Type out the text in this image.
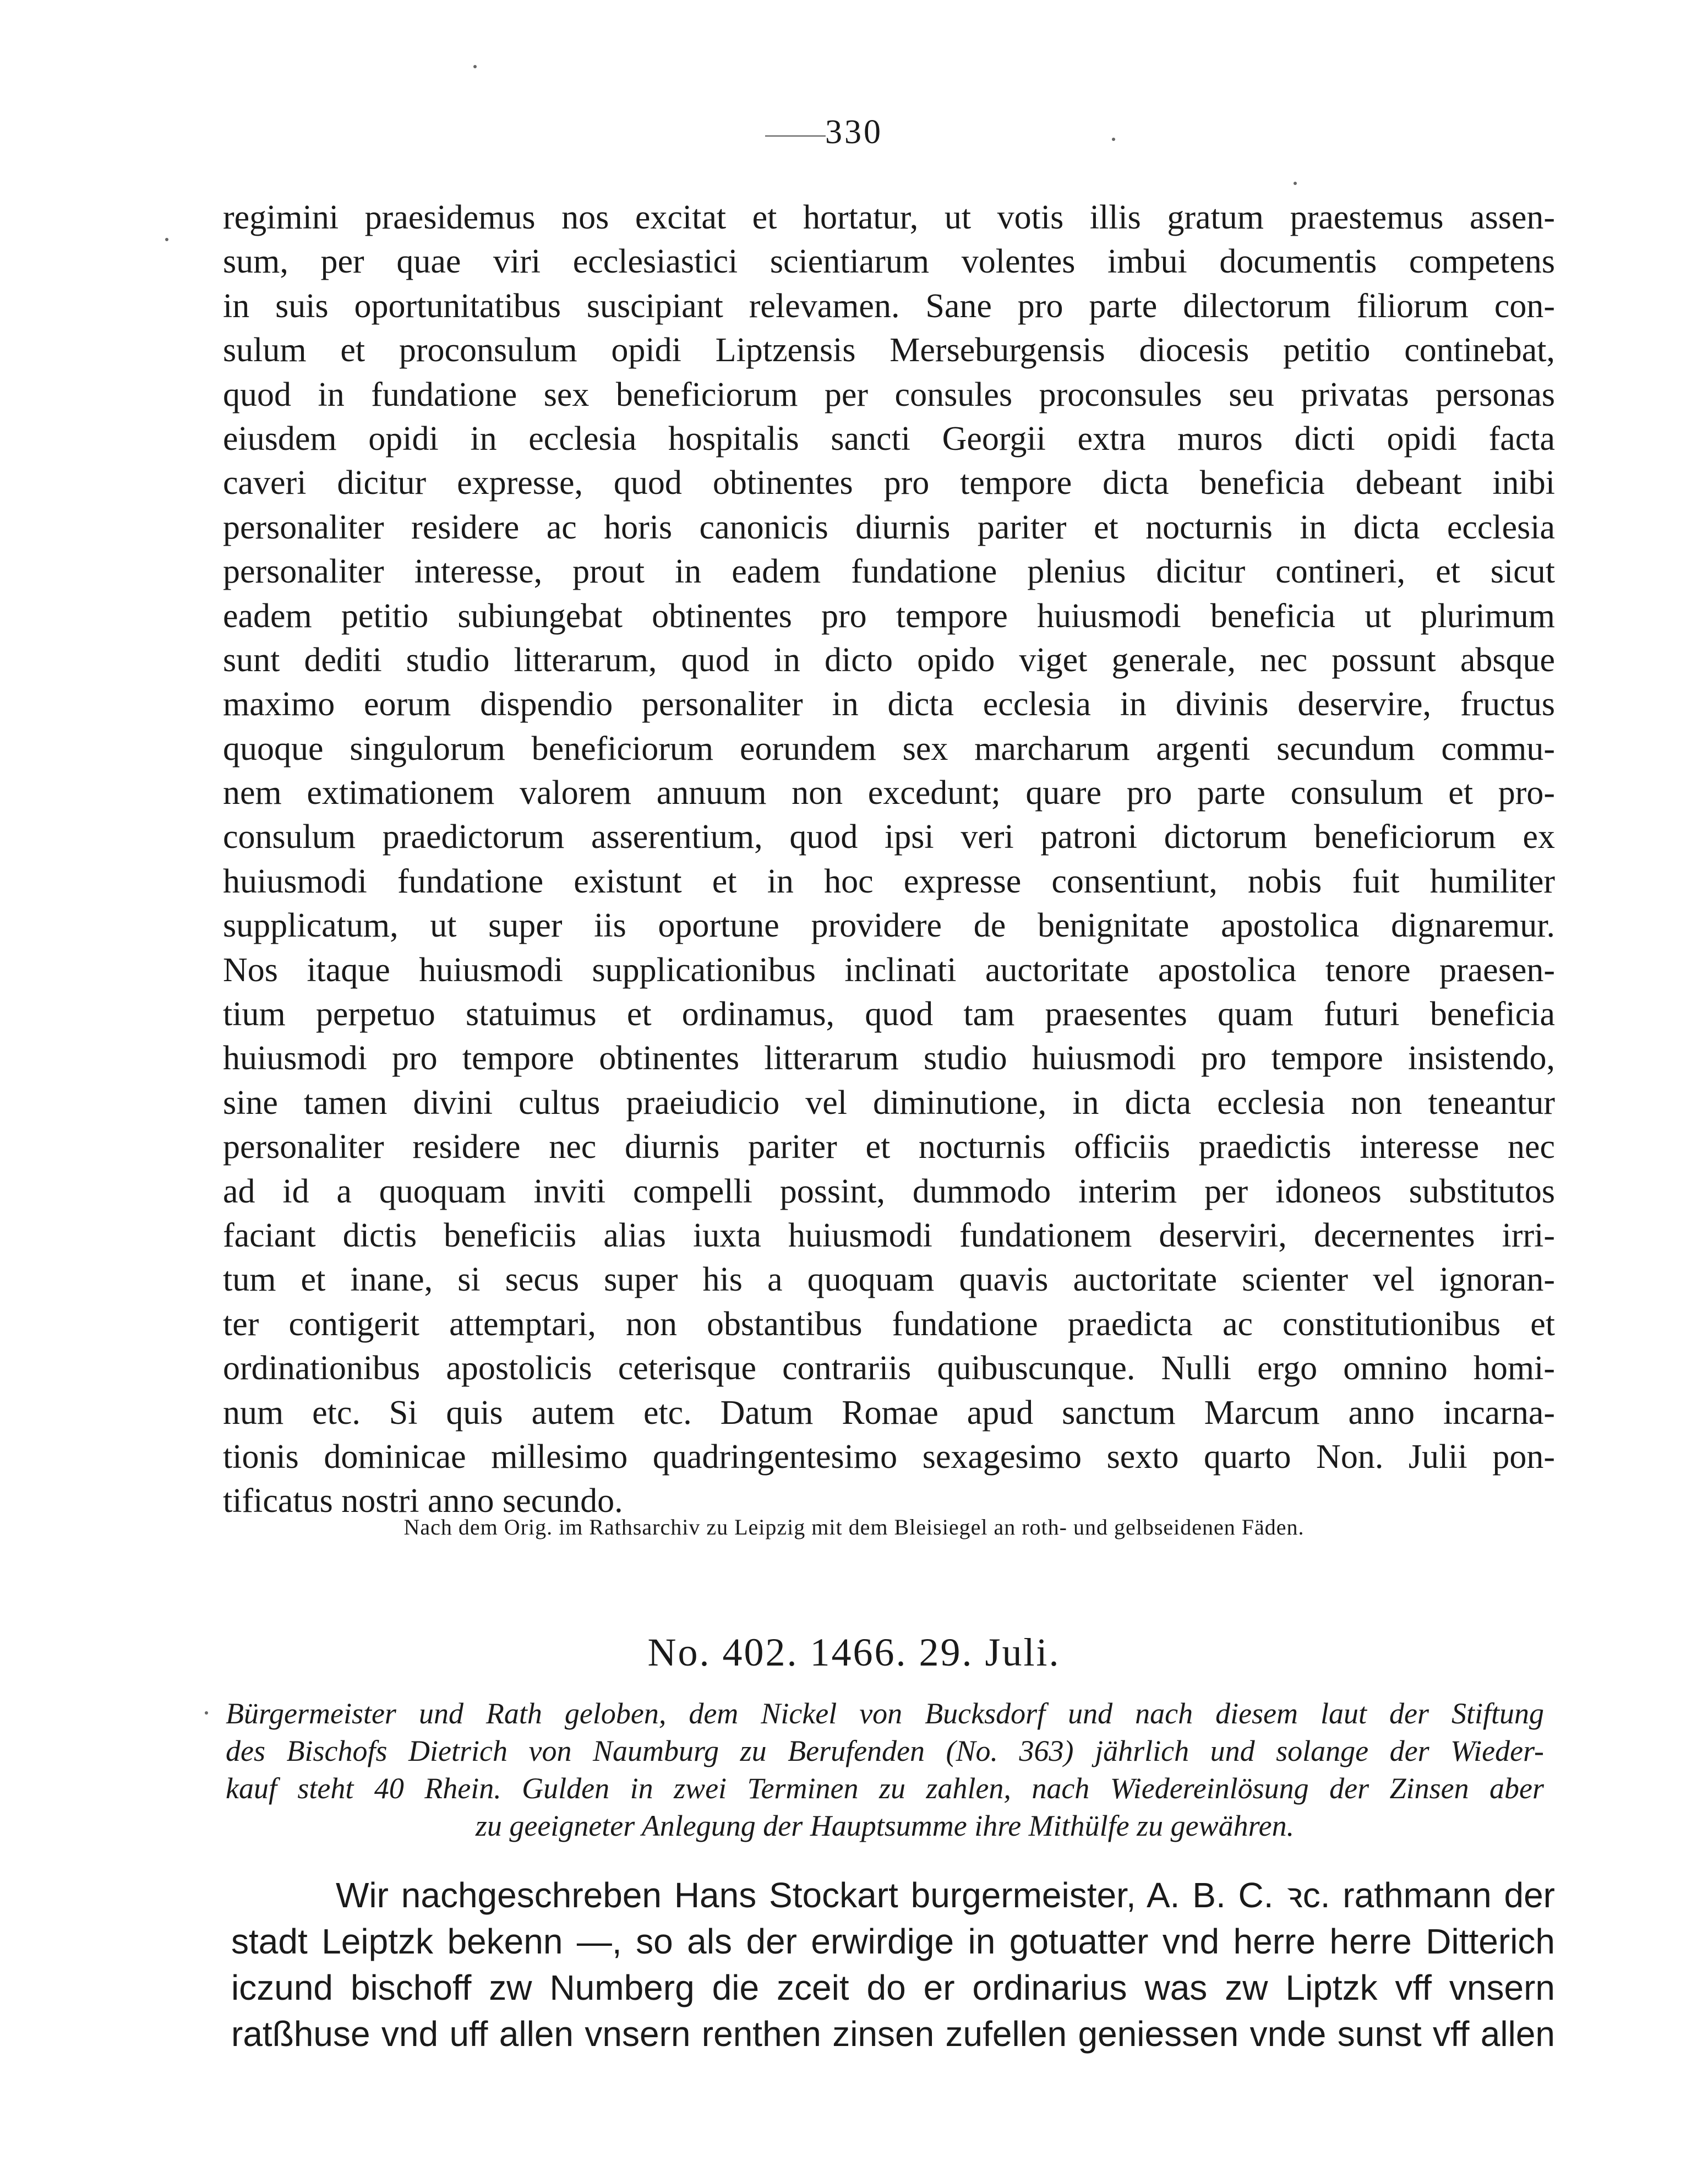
330
regimini praesidemus nos excitat et hortatur, ut votis illis gratum praestemus assen-
sum, per quae viri ecclesiastici scientiarum volentes imbui documentis competens
in suis oportunitatibus suscipiant relevamen. Sane pro parte dilectorum filiorum con-
sulum et proconsulum opidi Liptzensis Merseburgensis diocesis petitio continebat,
quod in fundatione sex beneficiorum per consules proconsules seu privatas personas
eiusdem opidi in ecclesia hospitalis sancti Georgii extra muros dicti opidi facta
caveri dicitur expresse, quod obtinentes pro tempore dicta beneficia debeant inibi
personaliter residere ac horis canonicis diurnis pariter et nocturnis in dicta ecclesia
personaliter interesse, prout in eadem fundatione plenius dicitur contineri, et sicut
eadem petitio subiungebat obtinentes pro tempore huiusmodi beneficia ut plurimum
sunt dediti studio litterarum, quod in dicto opido viget generale, nec possunt absque
maximo eorum dispendio personaliter in dicta ecclesia in divinis deservire, fructus
quoque singulorum beneficiorum eorundem sex marcharum argenti secundum commu-
nem extimationem valorem annuum non excedunt; quare pro parte consulum et pro-
consulum praedictorum asserentium, quod ipsi veri patroni dictorum beneficiorum ex
huiusmodi fundatione existunt et in hoc expresse consentiunt, nobis fuit humiliter
supplicatum, ut super iis oportune providere de benignitate apostolica dignaremur.
Nos itaque huiusmodi supplicationibus inclinati auctoritate apostolica tenore praesen-
tium perpetuo statuimus et ordinamus, quod tam praesentes quam futuri beneficia
huiusmodi pro tempore obtinentes litterarum studio huiusmodi pro tempore insistendo,
sine tamen divini cultus praeiudicio vel diminutione, in dicta ecclesia non teneantur
personaliter residere nec diurnis pariter et nocturnis officiis praedictis interesse nec
ad id a quoquam inviti compelli possint, dummodo interim per idoneos substitutos
faciant dictis beneficiis alias iuxta huiusmodi fundationem deserviri, decernentes irri-
tum et inane, si secus super his a quoquam quavis auctoritate scienter vel ignoran-
ter contigerit attemptari, non obstantibus fundatione praedicta ac constitutionibus et
ordinationibus apostolicis ceterisque contrariis quibuscunque. Nulli ergo omnino homi-
num etc. Si quis autem etc. Datum Romae apud sanctum Marcum anno incarna-
tionis dominicae millesimo quadringentesimo sexagesimo sexto quarto Non. Julii pon-
tificatus nostri anno secundo.
Nach dem Orig. im Rathsarchiv zu Leipzig mit dem Bleisiegel an roth- und gelbseidenen Fäden.
No. 402. 1466. 29. Juli.
Bürgermeister und Rath geloben, dem Nickel von Bucksdorf und nach diesem laut der Stiftung
des Bischofs Dietrich von Naumburg zu Berufenden (No. 363) jährlich und solange der Wieder-
kauf steht 40 Rhein. Gulden in zwei Terminen zu zahlen, nach Wiedereinlösung der Zinsen aber
zu geeigneter Anlegung der Hauptsumme ihre Mithülfe zu gewähren.
Wir nachgeschreben Hans Stockart burgermeister, A. B. C. ꝛc. rathmann der
stadt Leiptzk bekenn —, so als der erwirdige in gotuatter vnd herre herre Ditterich
iczund bischoff zw Numberg die zceit do er ordinarius was zw Liptzk vff vnsern
ratßhuse vnd uff allen vnsern renthen zinsen zufellen geniessen vnde sunst vff allen
